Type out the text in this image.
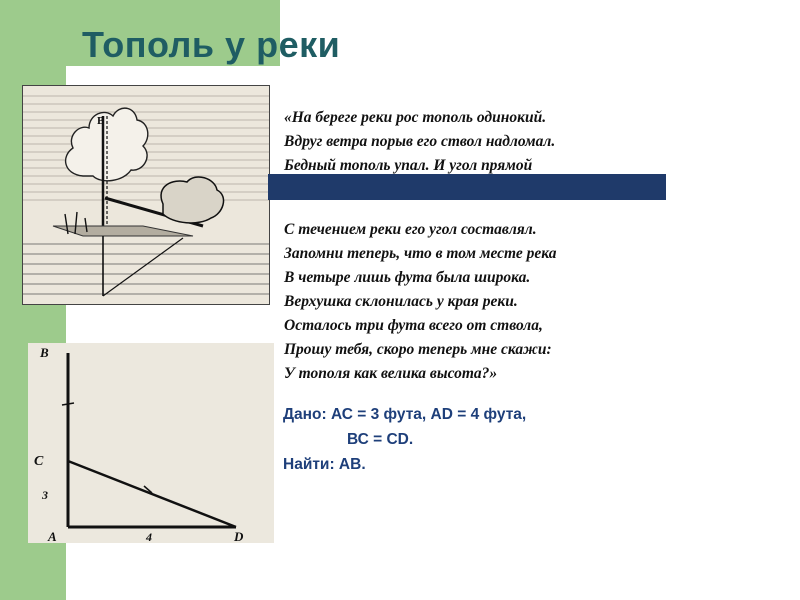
Тополь у реки
B
B
C
3
A	4	D
«На берегe реки рос тополь одинокий.
Вдруг ветра порыв его ствол надломал.
Бедный тополь упал. И угол прямой
С течением реки его угол составлял.
Запомни теперь, что в том месте река
В четыре лишь фута была широка.
Верхушка склонилась у края реки.
Осталось три фута всего от ствола,
Прошу тебя, скоро теперь мне скажи:
У тополя как велика высота?»
Дано: АС = 3 фута, AD = 4 фута,
ВС = CD.
Найти: АВ.
